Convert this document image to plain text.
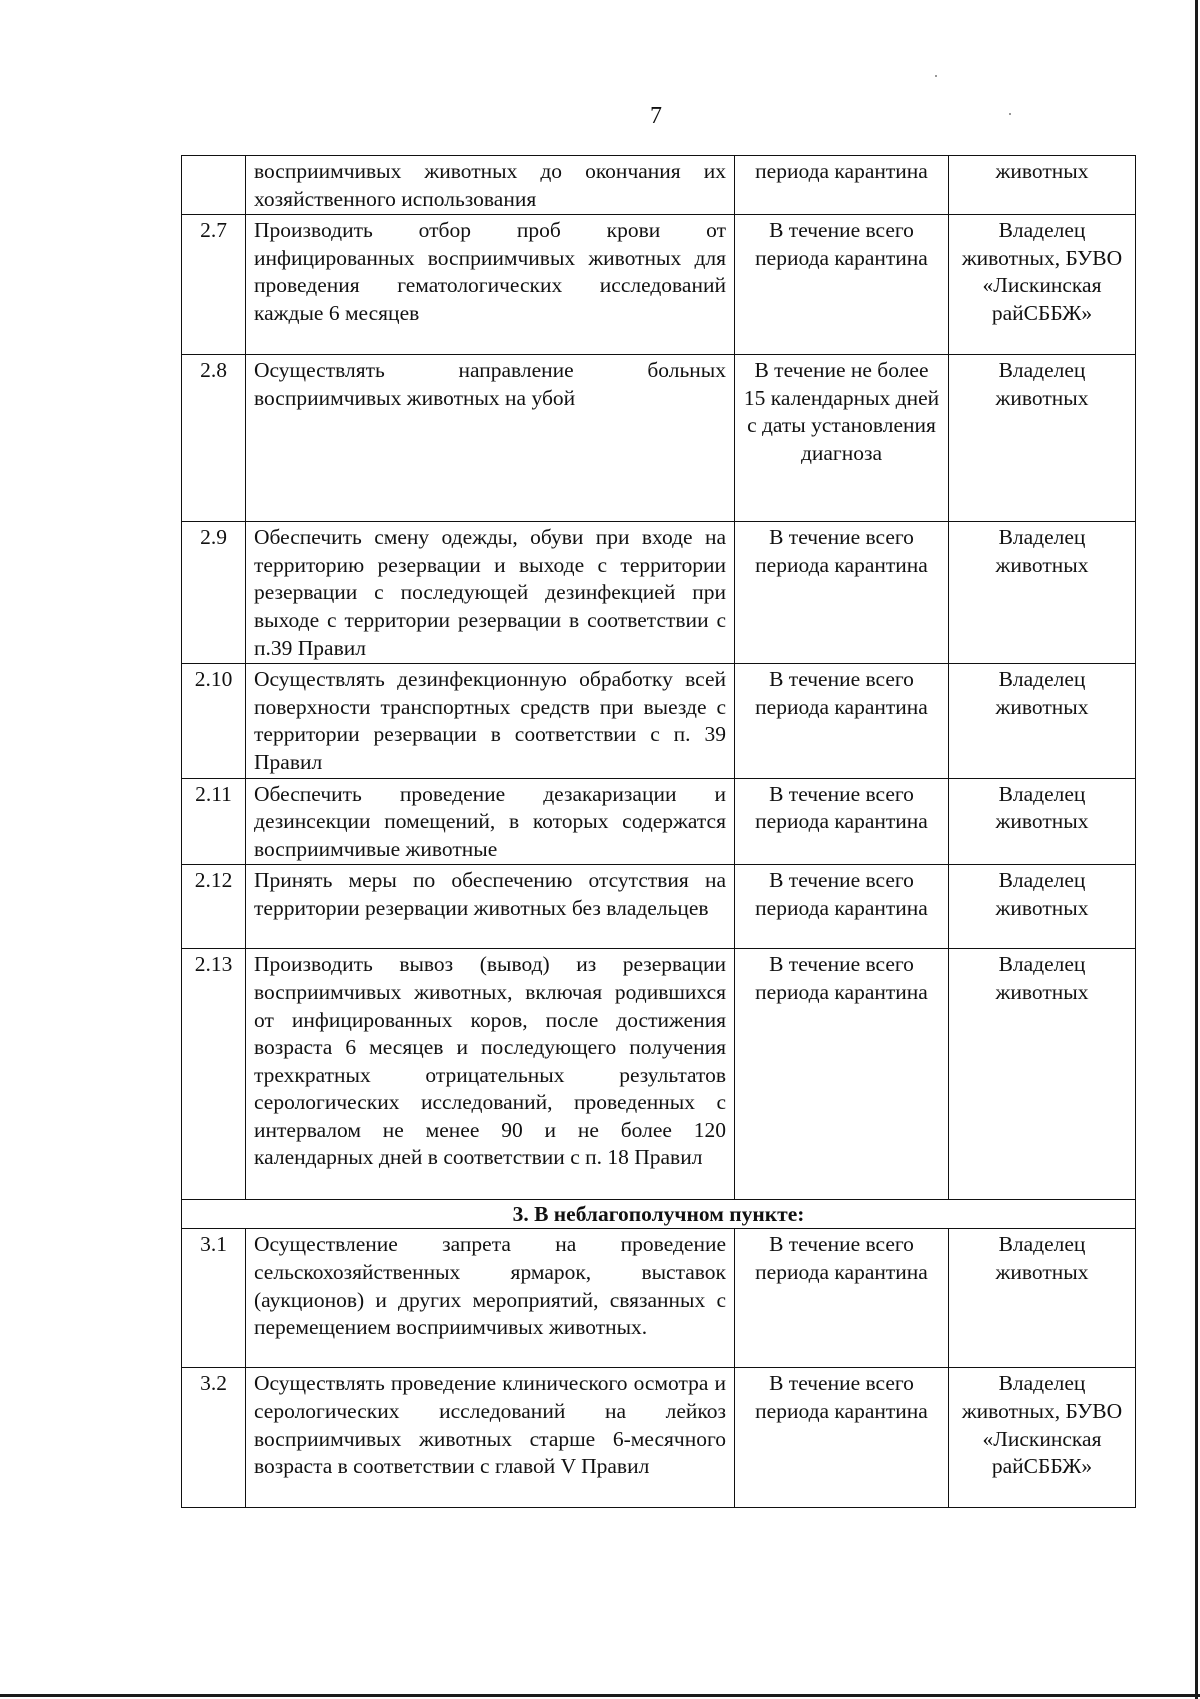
7
	восприимчивых животных до окончания их хозяйственного использования	периода карантина	животных
2.7	Производить отбор проб крови от инфицированных восприимчивых животных для проведения гематологических исследований каждые 6 месяцев	В течение всего периода карантина	Владелец животных, БУВО «Лискинская райСББЖ»
2.8	Осуществлять направление больных восприимчивых животных на убой	В течение не более 15 календарных дней с даты установления диагноза	Владелец животных
2.9	Обеспечить смену одежды, обуви при входе на территорию резервации и выходе с территории резервации с последующей дезинфекцией при выходе с территории резервации в соответствии с п.39 Правил	В течение всего периода карантина	Владелец животных
2.10	Осуществлять дезинфекционную обработку всей поверхности транспортных средств при выезде с территории резервации в соответствии с п. 39 Правил	В течение всего периода карантина	Владелец животных
2.11	Обеспечить проведение дезакаризации и дезинсекции помещений, в которых содержатся восприимчивые животные	В течение всего периода карантина	Владелец животных
2.12	Принять меры по обеспечению отсутствия на территории резервации животных без владельцев	В течение всего периода карантина	Владелец животных
2.13	Производить вывоз (вывод) из резервации восприимчивых животных, включая родившихся от инфицированных коров, после достижения возраста 6 месяцев и последующего получения трехкратных отрицательных результатов серологических исследований, проведенных с интервалом не менее 90 и не более 120 календарных дней в соответствии с п. 18 Правил	В течение всего периода карантина	Владелец животных
3. В неблагополучном пункте:			
3.1	Осуществление запрета на проведение сельскохозяйственных ярмарок, выставок (аукционов) и других мероприятий, связанных с перемещением восприимчивых животных.	В течение всего периода карантина	Владелец животных
3.2	Осуществлять проведение клинического осмотра и серологических исследований на лейкоз восприимчивых животных старше 6-месячного возраста в соответствии с главой V Правил	В течение всего периода карантина	Владелец животных, БУВО «Лискинская райСББЖ»
